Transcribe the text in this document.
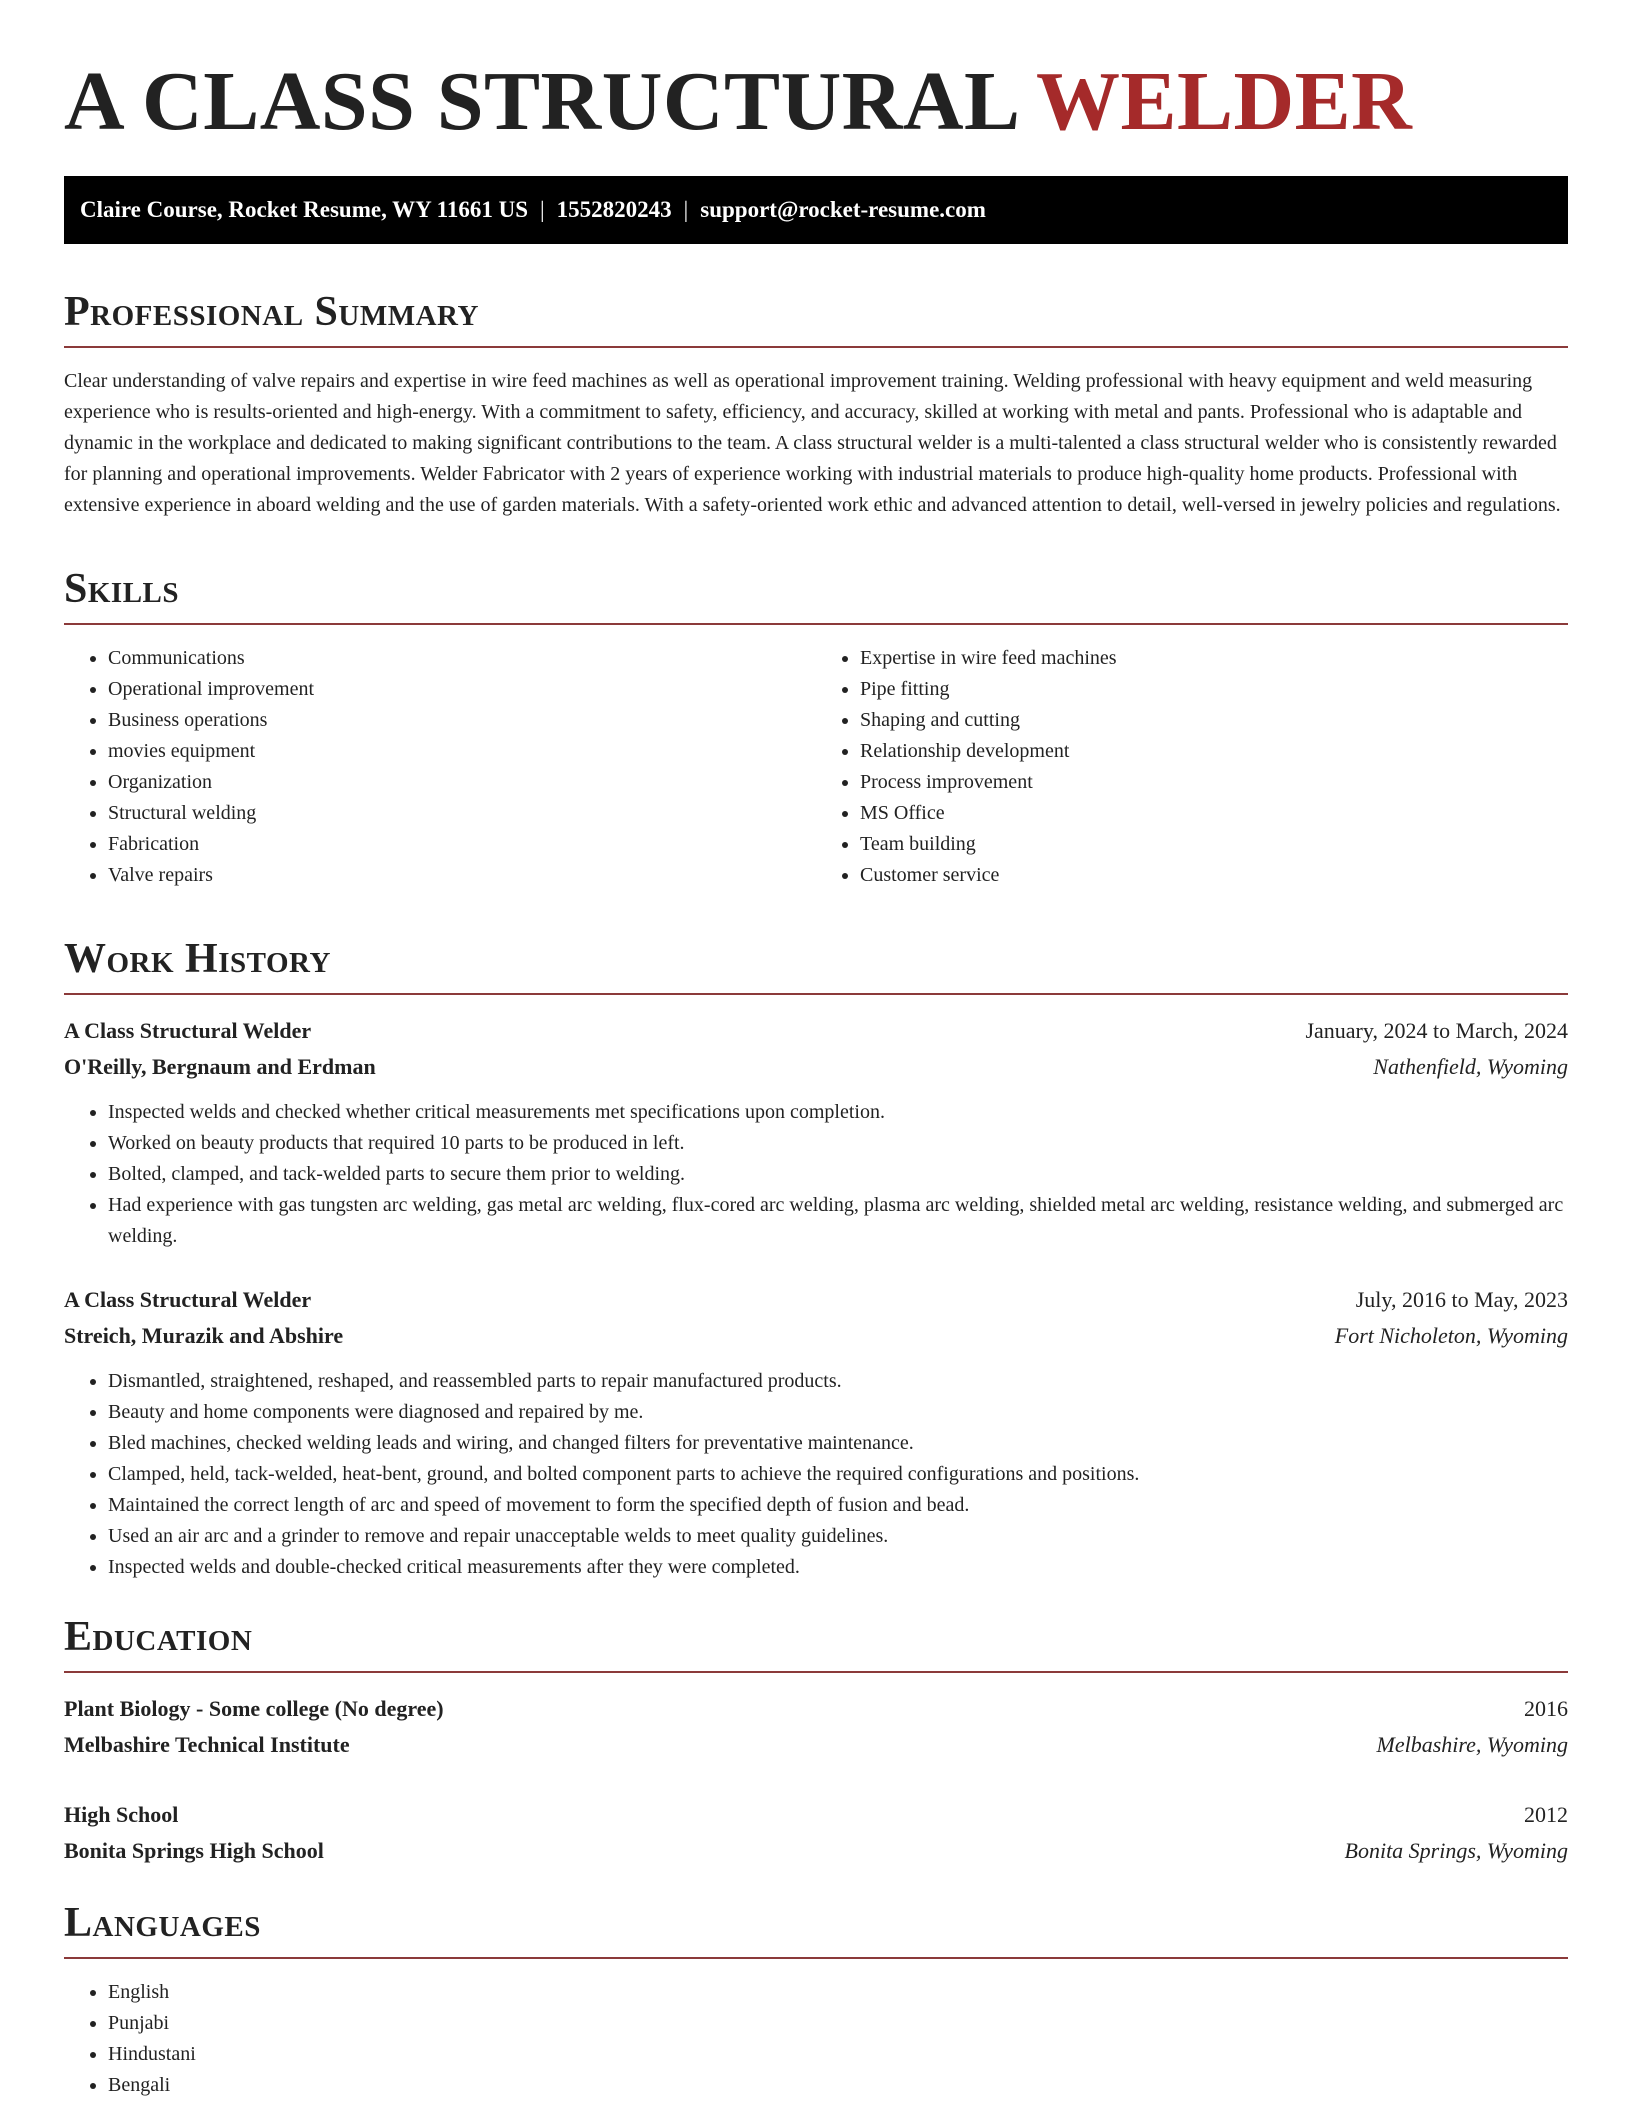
A CLASS STRUCTURAL WELDER
Claire Course, Rocket Resume, WY 11661 US | 1552820243 | support@rocket-resume.com
Professional Summary

Clear understanding of valve repairs and expertise in wire feed machines as well as operational improvement training. Welding professional with heavy equipment and weld measuring experience who is results-oriented and high-energy. With a commitment to safety, efficiency, and accuracy, skilled at working with metal and pants. Professional who is adaptable and dynamic in the workplace and dedicated to making significant contributions to the team. A class structural welder is a multi-talented a class structural welder who is consistently rewarded for planning and operational improvements. Welder Fabricator with 2 years of experience working with industrial materials to produce high-quality home products. Professional with extensive experience in aboard welding and the use of garden materials. With a safety-oriented work ethic and advanced attention to detail, well-versed in jewelry policies and regulations.

Skills
• Communications
• Operational improvement
• Business operations
• movies equipment
• Organization
• Structural welding
• Fabrication
• Valve repairs
• Expertise in wire feed machines
• Pipe fitting
• Shaping and cutting
• Relationship development
• Process improvement
• MS Office
• Team building
• Customer service
Work History
A Class Structural Welder	January, 2024 to March, 2024
O'Reilly, Bergnaum and Erdman	Nathenfield, Wyoming
• Inspected welds and checked whether critical measurements met specifications upon completion.
• Worked on beauty products that required 10 parts to be produced in left.
• Bolted, clamped, and tack-welded parts to secure them prior to welding.
• Had experience with gas tungsten arc welding, gas metal arc welding, flux-cored arc welding, plasma arc welding, shielded metal arc welding, resistance welding, and submerged arc welding.
A Class Structural Welder	July, 2016 to May, 2023
Streich, Murazik and Abshire	Fort Nicholeton, Wyoming
• Dismantled, straightened, reshaped, and reassembled parts to repair manufactured products.
• Beauty and home components were diagnosed and repaired by me.
• Bled machines, checked welding leads and wiring, and changed filters for preventative maintenance.
• Clamped, held, tack-welded, heat-bent, ground, and bolted component parts to achieve the required configurations and positions.
• Maintained the correct length of arc and speed of movement to form the specified depth of fusion and bead.
• Used an air arc and a grinder to remove and repair unacceptable welds to meet quality guidelines.
• Inspected welds and double-checked critical measurements after they were completed.
Education
Plant Biology - Some college (No degree)	2016
Melbashire Technical Institute	Melbashire, Wyoming
High School	2012
Bonita Springs High School	Bonita Springs, Wyoming
Languages
• English
• Punjabi
• Hindustani
• Bengali
